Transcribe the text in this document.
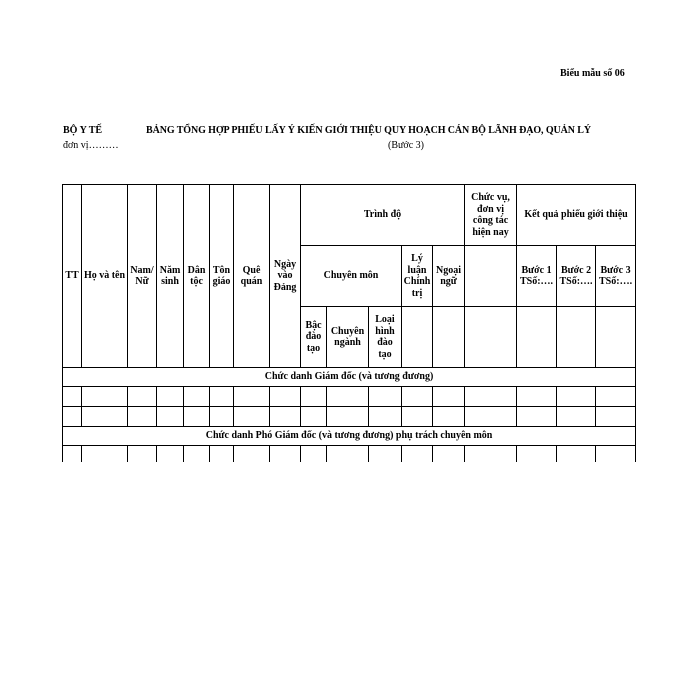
Biểu mẫu số 06
BỘ Y TẾ	BẢNG TỔNG HỢP PHIẾU LẤY Ý KIẾN GIỚI THIỆU QUY HOẠCH CÁN BỘ LÃNH ĐẠO, QUẢN LÝ
đơn vị………	(Bước 3)
TT	Họ và tên	Nam/ Nữ	Năm sinh	Dân tộc	Tôn giáo	Quê quán	Ngày vào Đảng	Trình độ					Chức vụ, đơn vị công tác hiện nay	Kết quả phiếu giới thiệu		
								Chuyên môn			Lý luận Chính trị	Ngoại ngữ		Bước 1 TSố:….	Bước 2 TSố:….	Bước 3 TSố:….
								Bậc đào tạo	Chuyên ngành	Loại hình đào tạo						
Chức danh Giám đốc (và tương đương)																

Chức danh Phó Giám đốc (và tương đương) phụ trách chuyên môn																
